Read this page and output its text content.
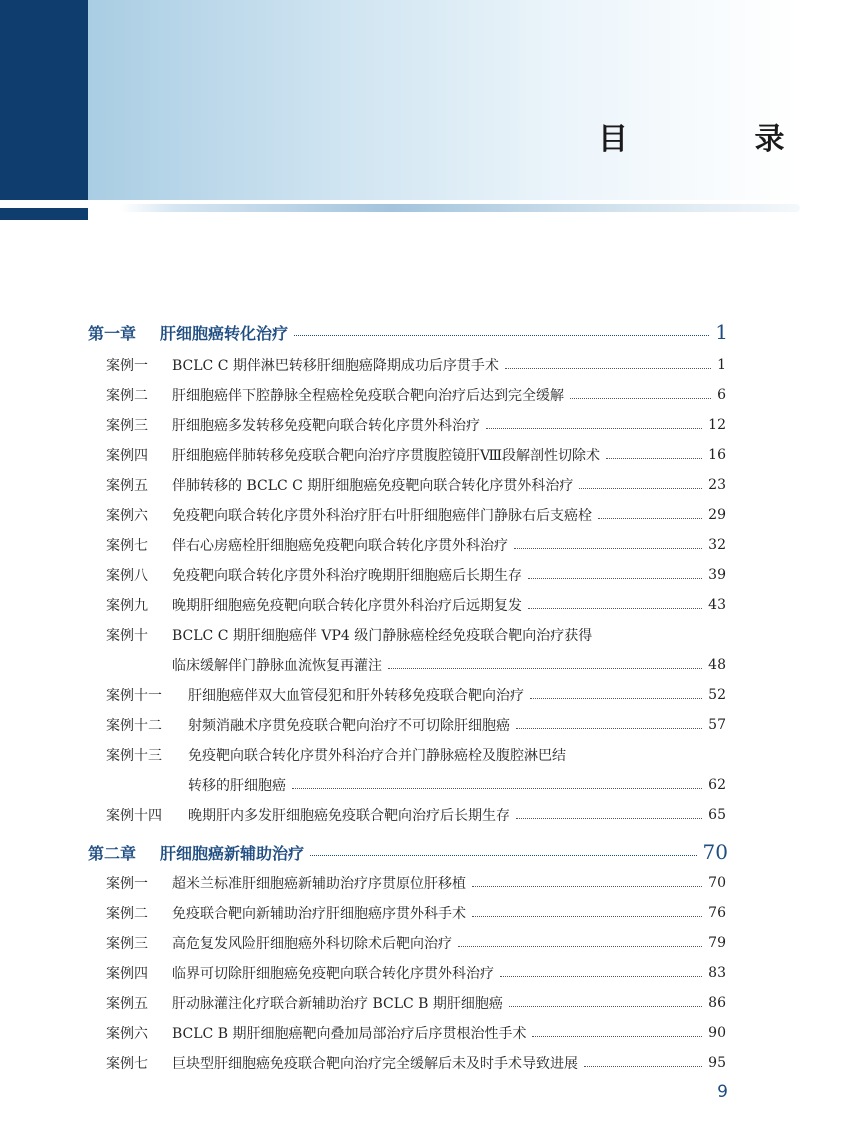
目 录
第一章	肝细胞癌转化治疗	1
案例一	BCLC C 期伴淋巴转移肝细胞癌降期成功后序贯手术	1
案例二	肝细胞癌伴下腔静脉全程癌栓免疫联合靶向治疗后达到完全缓解	6
案例三	肝细胞癌多发转移免疫靶向联合转化序贯外科治疗	12
案例四	肝细胞癌伴肺转移免疫联合靶向治疗序贯腹腔镜肝Ⅷ段解剖性切除术	16
案例五	伴肺转移的 BCLC C 期肝细胞癌免疫靶向联合转化序贯外科治疗	23
案例六	免疫靶向联合转化序贯外科治疗肝右叶肝细胞癌伴门静脉右后支癌栓	29
案例七	伴右心房癌栓肝细胞癌免疫靶向联合转化序贯外科治疗	32
案例八	免疫靶向联合转化序贯外科治疗晚期肝细胞癌后长期生存	39
案例九	晚期肝细胞癌免疫靶向联合转化序贯外科治疗后远期复发	43
案例十	BCLC C 期肝细胞癌伴 VP4 级门静脉癌栓经免疫联合靶向治疗获得
临床缓解伴门静脉血流恢复再灌注	48
案例十一	肝细胞癌伴双大血管侵犯和肝外转移免疫联合靶向治疗	52
案例十二	射频消融术序贯免疫联合靶向治疗不可切除肝细胞癌	57
案例十三	免疫靶向联合转化序贯外科治疗合并门静脉癌栓及腹腔淋巴结
转移的肝细胞癌	62
案例十四	晚期肝内多发肝细胞癌免疫联合靶向治疗后长期生存	65
第二章	肝细胞癌新辅助治疗	70
案例一	超米兰标准肝细胞癌新辅助治疗序贯原位肝移植	70
案例二	免疫联合靶向新辅助治疗肝细胞癌序贯外科手术	76
案例三	高危复发风险肝细胞癌外科切除术后靶向治疗	79
案例四	临界可切除肝细胞癌免疫靶向联合转化序贯外科治疗	83
案例五	肝动脉灌注化疗联合新辅助治疗 BCLC B 期肝细胞癌	86
案例六	BCLC B 期肝细胞癌靶向叠加局部治疗后序贯根治性手术	90
案例七	巨块型肝细胞癌免疫联合靶向治疗完全缓解后未及时手术导致进展	95
9
